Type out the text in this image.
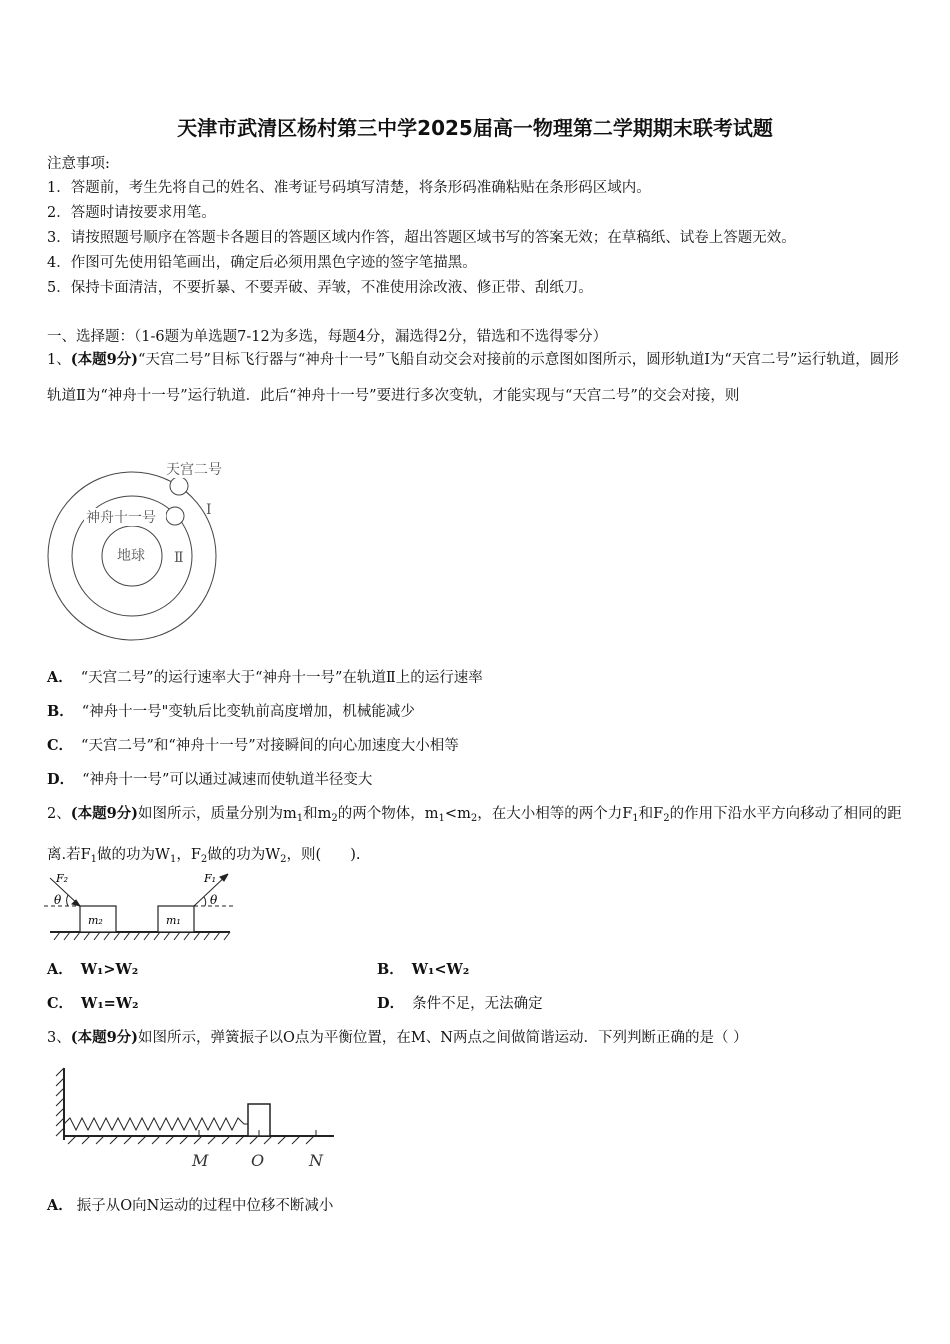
天津市武清区杨村第三中学2025届高一物理第二学期期末联考试题
注意事项:
1．答题前，考生先将自己的姓名、准考证号码填写清楚，将条形码准确粘贴在条形码区域内。
2．答题时请按要求用笔。
3．请按照题号顺序在答题卡各题目的答题区域内作答，超出答题区域书写的答案无效；在草稿纸、试卷上答题无效。
4．作图可先使用铅笔画出，确定后必须用黑色字迹的签字笔描黑。
5．保持卡面清洁，不要折暴、不要弄破、弄皱，不准使用涂改液、修正带、刮纸刀。
一、选择题：（1-6题为单选题7-12为多选，每题4分，漏选得2分，错选和不选得零分）
1、(本题9分)“天宫二号”目标飞行器与“神舟十一号”飞船自动交会对接前的示意图如图所示，圆形轨道Ⅰ为“天宫二号”运行轨道，圆形轨道Ⅱ为“神舟十一号”运行轨道．此后“神舟十一号”要进行多次变轨，才能实现与“天宫二号”的交会对接，则
天宫二号
神舟十一号
地球
Ⅰ
Ⅱ
A． “天宫二号”的运行速率大于“神舟十一号”在轨道Ⅱ上的运行速率
B． “神舟十一号"变轨后比变轨前高度增加，机械能减少
C． “天宫二号”和“神舟十一号”对接瞬间的向心加速度大小相等
D． “神舟十一号”可以通过减速而使轨道半径变大
2、(本题9分)如图所示，质量分别为$m_1$和$m_2$的两个物体，$m_1<m_2$，在大小相等的两个力$F_1$和$F_2$的作用下沿水平方向移动了相同的距离.若$F_1$做的功为$W_1$，$F_2$做的功为$W_2$，则(　　).
m₂	m₁
F₂	F₁
θ	θ
A． W₁>W₂	B． W₁<W₂
C． W₁=W₂	D． 条件不足，无法确定
3、(本题9分)如图所示，弹簧振子以O点为平衡位置，在M、N两点之间做简谐运动．下列判断正确的是（ ）
M	O	N
A． 振子从O向N运动的过程中位移不断减小
